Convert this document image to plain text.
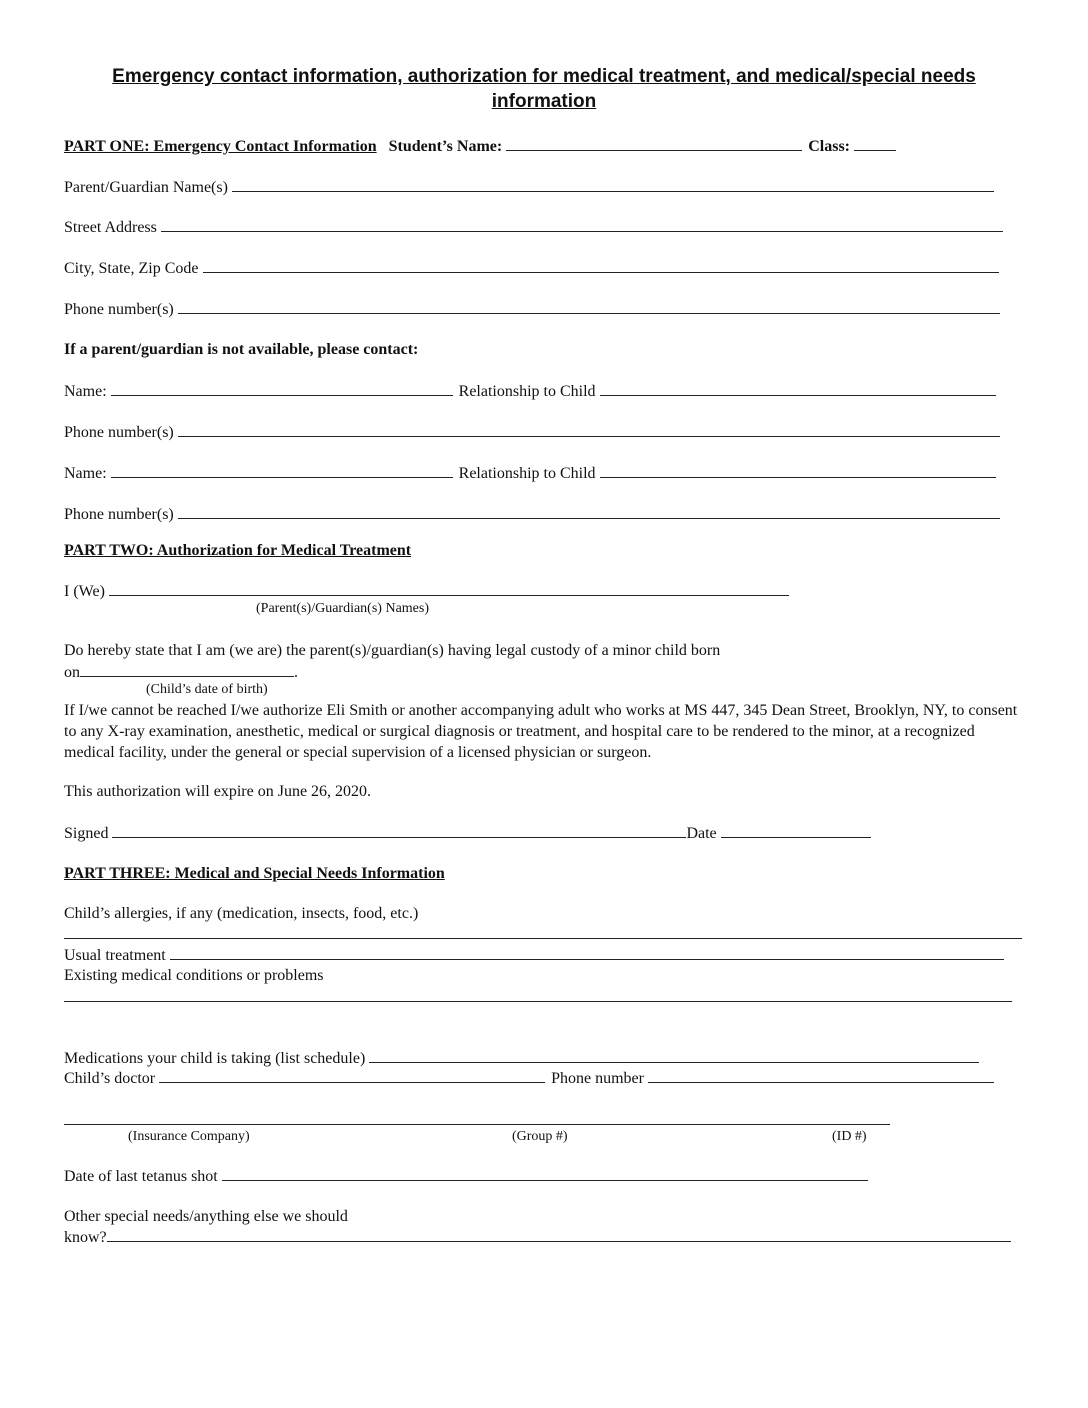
Emergency contact information, authorization for medical treatment, and medical/special needs information
PART ONE: Emergency Contact Information Student’s Name:	Class:
Parent/Guardian Name(s)
Street Address
City, State, Zip Code
Phone number(s)
If a parent/guardian is not available, please contact:
Name:	Relationship to Child
Phone number(s)
Name:	Relationship to Child
Phone number(s)
PART TWO: Authorization for Medical Treatment
I (We)
(Parent(s)/Guardian(s) Names)
Do hereby state that I am (we are) the parent(s)/guardian(s) having legal custody of a minor child born
on	.
(Child’s date of birth)
If I/we cannot be reached I/we authorize Eli Smith or another accompanying adult who works at MS 447, 345 Dean Street, Brooklyn, NY, to consent to any X-ray examination, anesthetic, medical or surgical diagnosis or treatment, and hospital care to be rendered to the minor, at a recognized medical facility, under the general or special supervision of a licensed physician or surgeon.
This authorization will expire on June 26, 2020.
Signed	Date
PART THREE: Medical and Special Needs Information
Child’s allergies, if any (medication, insects, food, etc.)
Usual treatment
Existing medical conditions or problems
Medications your child is taking (list schedule)
Child’s doctor	Phone number
(Insurance Company)	(Group #)	(ID #)
Date of last tetanus shot
Other special needs/anything else we should
know?
